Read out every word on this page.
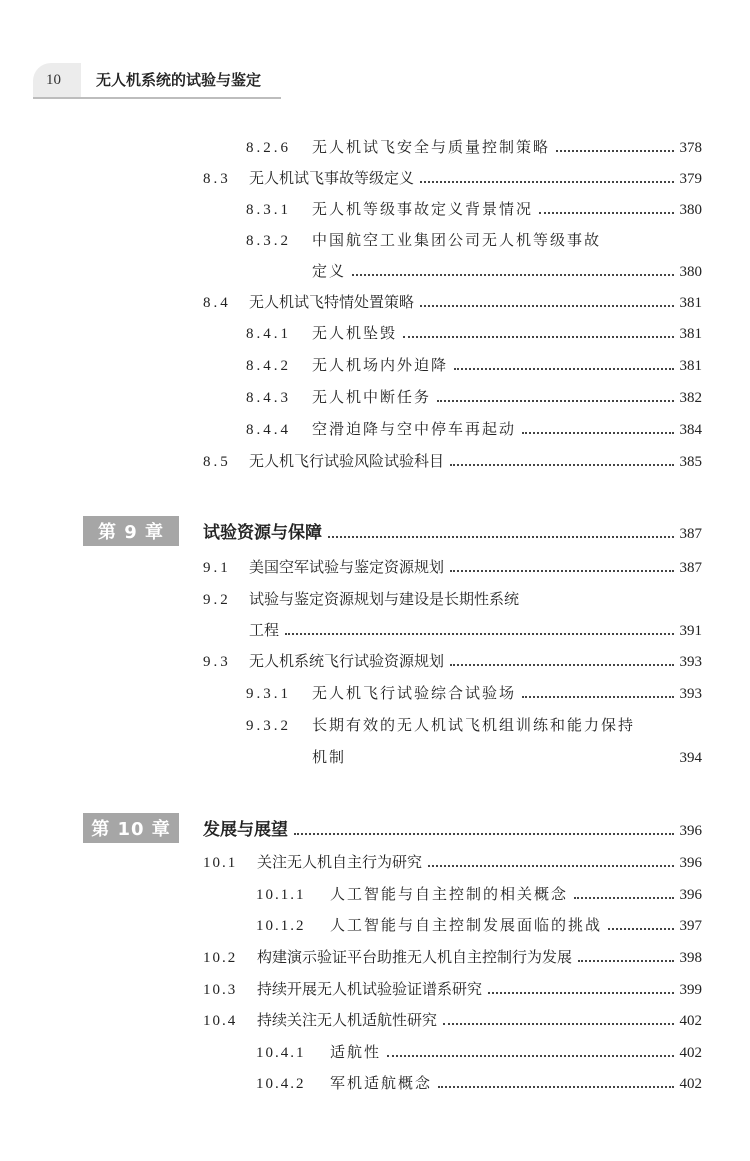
10 无人机系统的试验与鉴定
8.2.6	无人机试飞安全与质量控制策略	378
8.3	无人机试飞事故等级定义	379
8.3.1	无人机等级事故定义背景情况	380
8.3.2	中国航空工业集团公司无人机等级事故
定义	380
8.4	无人机试飞特情处置策略	381
8.4.1	无人机坠毁	381
8.4.2	无人机场内外迫降	381
8.4.3	无人机中断任务	382
8.4.4	空滑迫降与空中停车再起动	384
8.5	无人机飞行试验风险试验科目	385
第 9 章	试验资源与保障	387
9.1	美国空军试验与鉴定资源规划	387
9.2	试验与鉴定资源规划与建设是长期性系统
工程	391
9.3	无人机系统飞行试验资源规划	393
9.3.1	无人机飞行试验综合试验场	393
9.3.2	长期有效的无人机试飞机组训练和能力保持
机制	394
第 10 章	发展与展望	396
10.1	关注无人机自主行为研究	396
10.1.1	人工智能与自主控制的相关概念	396
10.1.2	人工智能与自主控制发展面临的挑战	397
10.2	构建演示验证平台助推无人机自主控制行为发展	398
10.3	持续开展无人机试验验证谱系研究	399
10.4	持续关注无人机适航性研究	402
10.4.1	适航性	402
10.4.2	军机适航概念	402
